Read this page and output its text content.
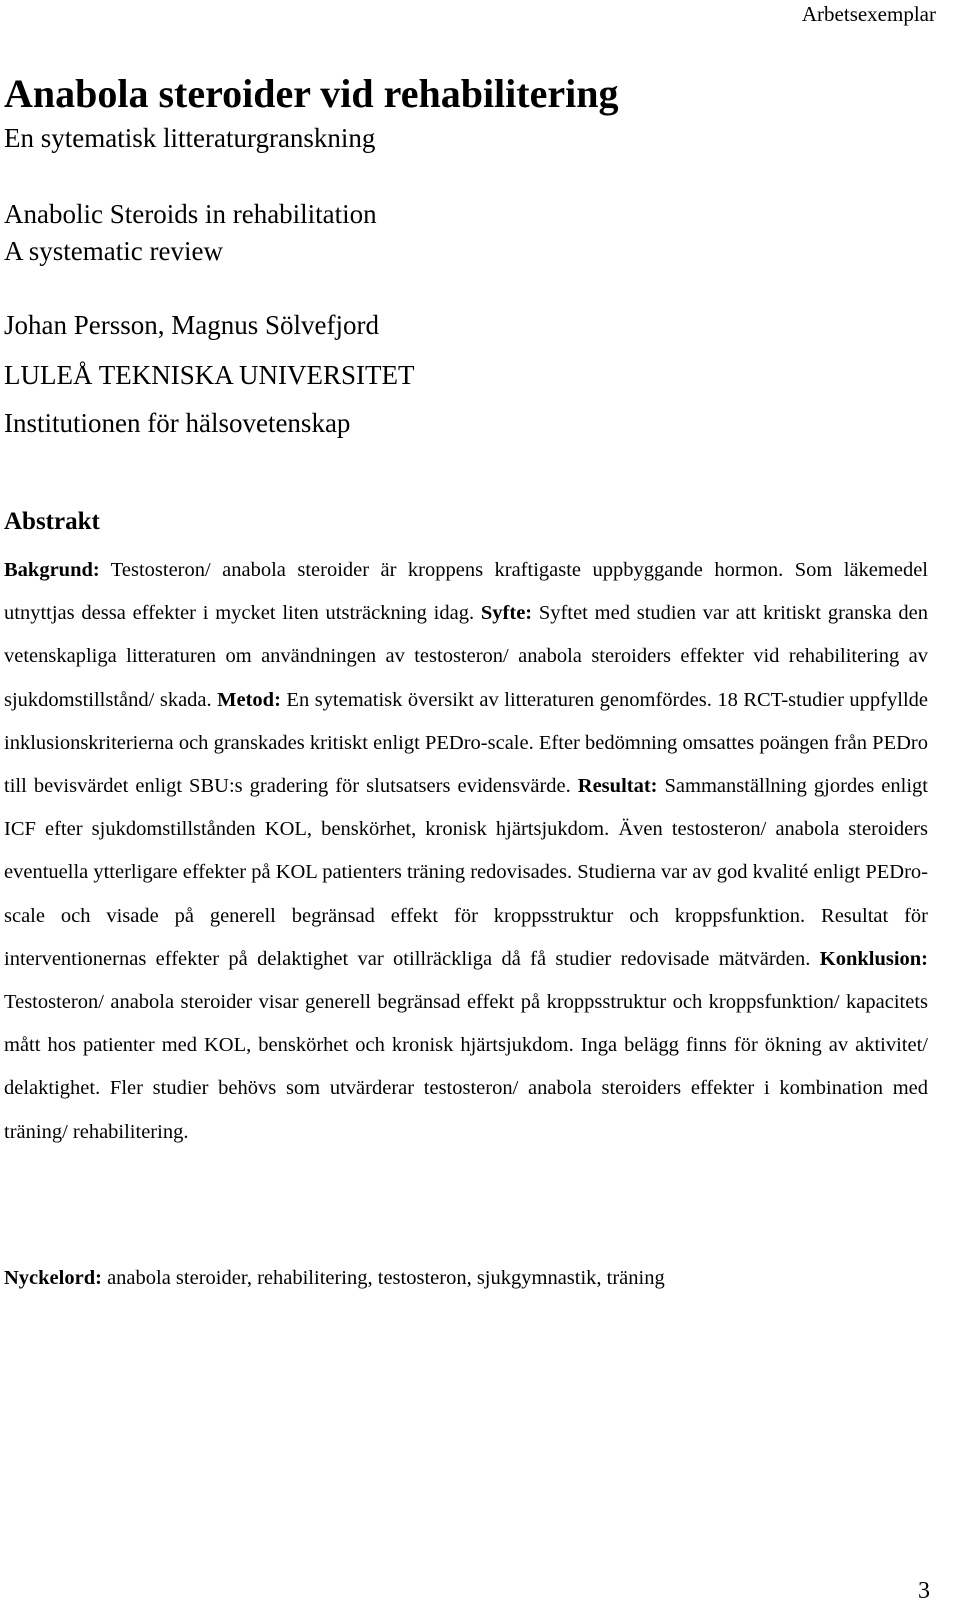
Arbetsexemplar
Anabola steroider vid rehabilitering

En sytematisk litteraturgranskning

Anabolic Steroids in rehabilitation

A systematic review

Johan Persson, Magnus Sölvefjord

LULEÅ TEKNISKA UNIVERSITET

Institutionen för hälsovetenskap

Abstrakt

Bakgrund: Testosteron/ anabola steroider är kroppens kraftigaste uppbyggande hormon. Som läkemedel utnyttjas dessa effekter i mycket liten utsträckning idag. Syfte: Syftet med studien var att kritiskt granska den vetenskapliga litteraturen om användningen av testosteron/ anabola steroiders effekter vid rehabilitering av sjukdomstillstånd/ skada. Metod: En sytematisk översikt av litteraturen genomfördes. 18 RCT-studier uppfyllde inklusionskriterierna och granskades kritiskt enligt PEDro-scale. Efter bedömning omsattes poängen från PEDro till bevisvärdet enligt SBU:s gradering för slutsatsers evidensvärde. Resultat: Sammanställning gjordes enligt ICF efter sjukdomstillstånden KOL, benskörhet, kronisk hjärtsjukdom. Även testosteron/ anabola steroiders eventuella ytterligare effekter på KOL patienters träning redovisades. Studierna var av god kvalité enligt PEDro-scale och visade på generell begränsad effekt för kroppsstruktur och kroppsfunktion. Resultat för interventionernas effekter på delaktighet var otillräckliga då få studier redovisade mätvärden. Konklusion: Testosteron/ anabola steroider visar generell begränsad effekt på kroppsstruktur och kroppsfunktion/ kapacitets mått hos patienter med KOL, benskörhet och kronisk hjärtsjukdom. Inga belägg finns för ökning av aktivitet/ delaktighet. Fler studier behövs som utvärderar testosteron/ anabola steroiders effekter i kombination med träning/ rehabilitering.

Nyckelord: anabola steroider, rehabilitering, testosteron, sjukgymnastik, träning

3
